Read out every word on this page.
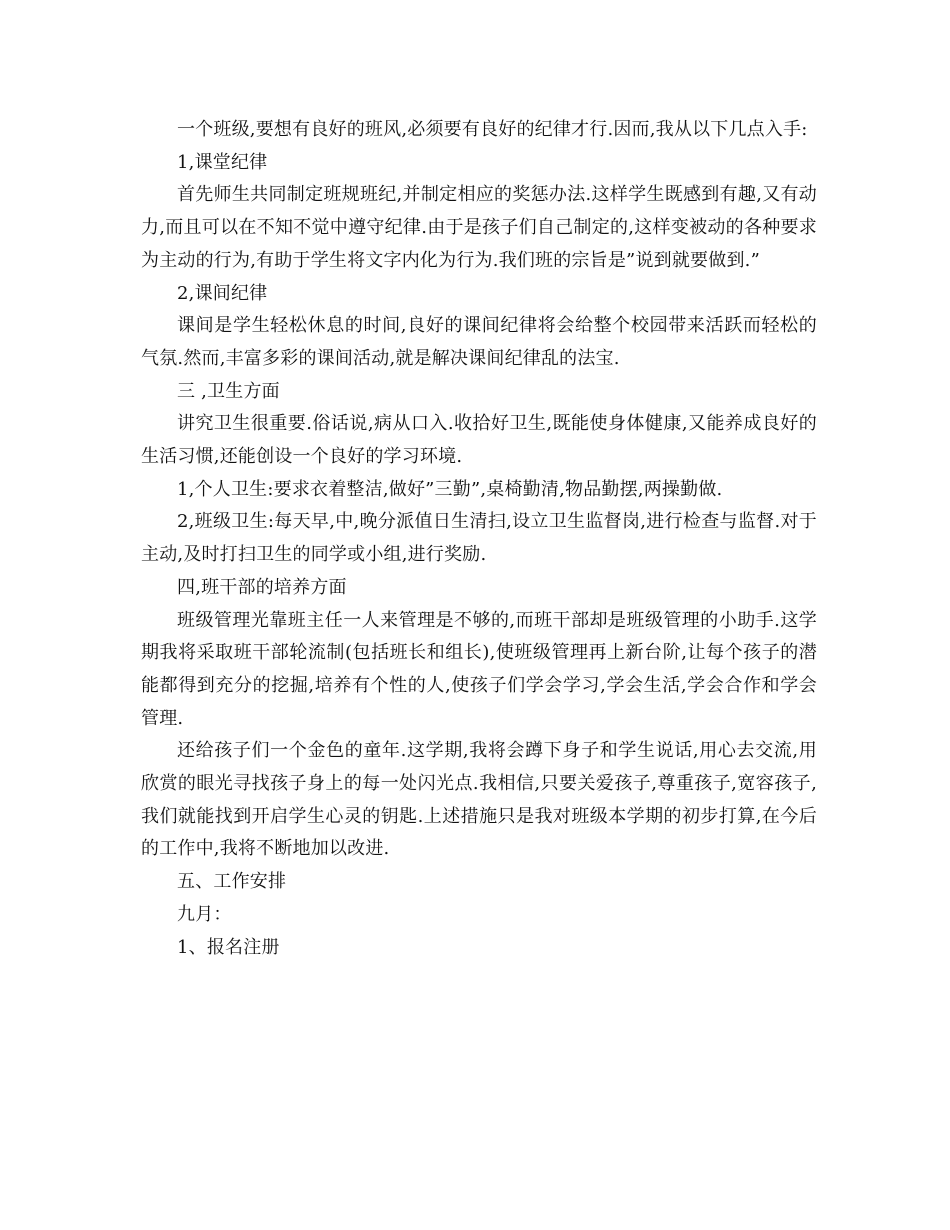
一个班级,要想有良好的班风,必须要有良好的纪律才行.因而,我从以下几点入手:

1,课堂纪律

首先师生共同制定班规班纪,并制定相应的奖惩办法.这样学生既感到有趣,又有动力,而且可以在不知不觉中遵守纪律.由于是孩子们自己制定的,这样变被动的各种要求为主动的行为,有助于学生将文字内化为行为.我们班的宗旨是”说到就要做到.”

2,课间纪律

课间是学生轻松休息的时间,良好的课间纪律将会给整个校园带来活跃而轻松的气氛.然而,丰富多彩的课间活动,就是解决课间纪律乱的法宝.

三 ,卫生方面

讲究卫生很重要.俗话说,病从口入.收拾好卫生,既能使身体健康,又能养成良好的生活习惯,还能创设一个良好的学习环境.

1,个人卫生:要求衣着整洁,做好”三勤”,桌椅勤清,物品勤摆,两操勤做.

2,班级卫生:每天早,中,晚分派值日生清扫,设立卫生监督岗,进行检查与监督.对于主动,及时打扫卫生的同学或小组,进行奖励.

四,班干部的培养方面

班级管理光靠班主任一人来管理是不够的,而班干部却是班级管理的小助手.这学期我将采取班干部轮流制(包括班长和组长),使班级管理再上新台阶,让每个孩子的潜能都得到充分的挖掘,培养有个性的人,使孩子们学会学习,学会生活,学会合作和学会管理.

还给孩子们一个金色的童年.这学期,我将会蹲下身子和学生说话,用心去交流,用欣赏的眼光寻找孩子身上的每一处闪光点.我相信,只要关爱孩子,尊重孩子,宽容孩子,我们就能找到开启学生心灵的钥匙.上述措施只是我对班级本学期的初步打算,在今后的工作中,我将不断地加以改进.

五、工作安排

九月：

1、报名注册
